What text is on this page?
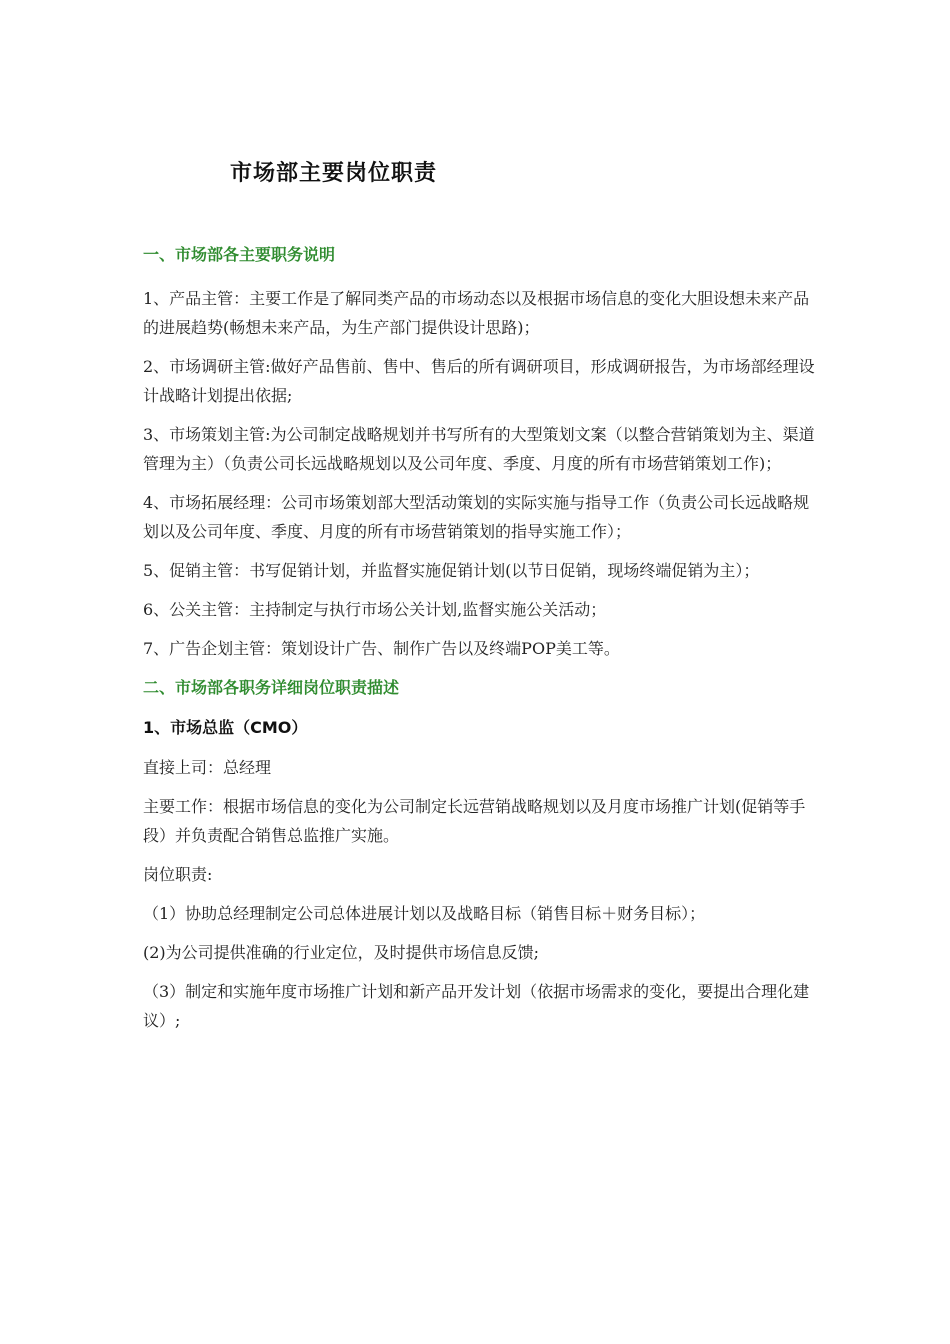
市场部主要岗位职责

一、市场部各主要职务说明

1、产品主管：主要工作是了解同类产品的市场动态以及根据市场信息的变化大胆设想未来产品的进展趋势(畅想未来产品，为生产部门提供设计思路)；

2、市场调研主管:做好产品售前、售中、售后的所有调研项目，形成调研报告，为市场部经理设计战略计划提出依据;

3、市场策划主管:为公司制定战略规划并书写所有的大型策划文案（以整合营销策划为主、渠道管理为主）（负责公司长远战略规划以及公司年度、季度、月度的所有市场营销策划工作)；

4、市场拓展经理：公司市场策划部大型活动策划的实际实施与指导工作（负责公司长远战略规划以及公司年度、季度、月度的所有市场营销策划的指导实施工作）；

5、促销主管：书写促销计划，并监督实施促销计划(以节日促销，现场终端促销为主）；

6、公关主管：主持制定与执行市场公关计划,监督实施公关活动；

7、广告企划主管：策划设计广告、制作广告以及终端POP美工等。

二、市场部各职务详细岗位职责描述

1、市场总监（CMO）

直接上司：总经理

主要工作：根据市场信息的变化为公司制定长远营销战略规划以及月度市场推广计划(促销等手段）并负责配合销售总监推广实施。

岗位职责:

（1）协助总经理制定公司总体进展计划以及战略目标（销售目标＋财务目标）；

(2)为公司提供准确的行业定位，及时提供市场信息反馈;

（3）制定和实施年度市场推广计划和新产品开发计划（依据市场需求的变化，要提出合理化建议）;
